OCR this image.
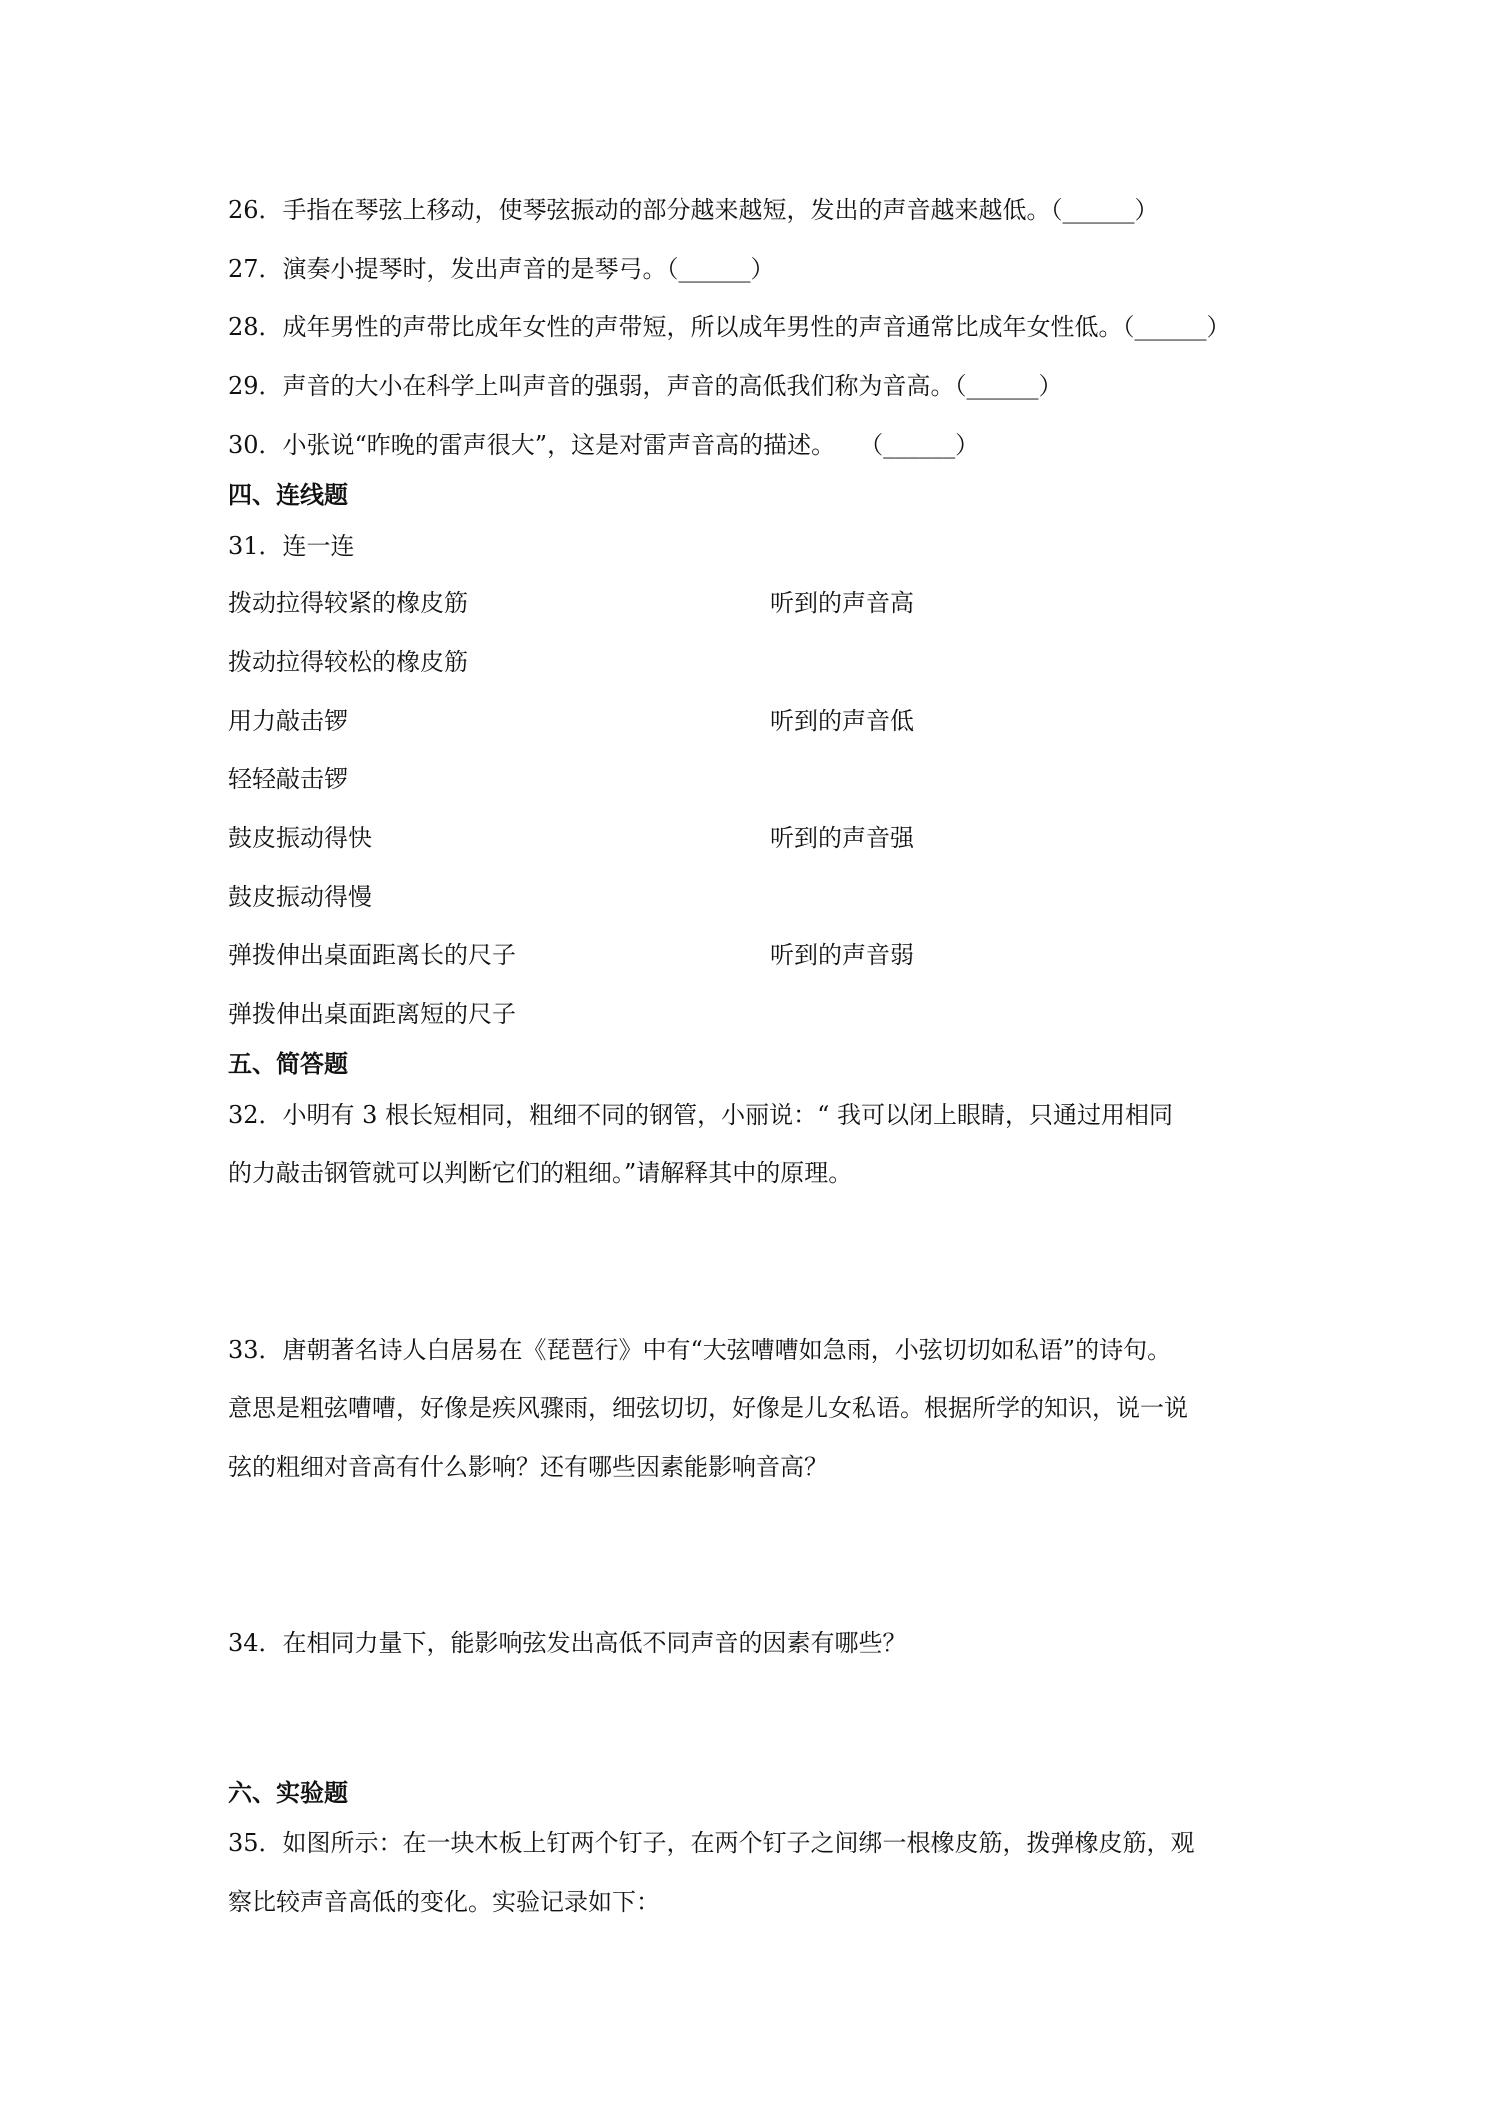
26．手指在琴弦上移动，使琴弦振动的部分越来越短，发出的声音越来越低。（______）
27．演奏小提琴时，发出声音的是琴弓。（______）
28．成年男性的声带比成年女性的声带短，所以成年男性的声音通常比成年女性低。（______）
29．声音的大小在科学上叫声音的强弱，声音的高低我们称为音高。（______）
30．小张说“昨晚的雷声很大”，这是对雷声音高的描述。　　（______）
四、连线题
31．连一连
拨动拉得较紧的橡皮筋	听到的声音高
拨动拉得较松的橡皮筋
用力敲击锣	听到的声音低
轻轻敲击锣
鼓皮振动得快	听到的声音强
鼓皮振动得慢
弹拨伸出桌面距离长的尺子	听到的声音弱
弹拨伸出桌面距离短的尺子
五、简答题
32．小明有 3 根长短相同，粗细不同的钢管，小丽说：“ 我可以闭上眼睛，只通过用相同
的力敲击钢管就可以判断它们的粗细。”请解释其中的原理。
33．唐朝著名诗人白居易在《琵琶行》中有“大弦嘈嘈如急雨，小弦切切如私语”的诗句。
意思是粗弦嘈嘈，好像是疾风骤雨，细弦切切，好像是儿女私语。根据所学的知识，说一说
弦的粗细对音高有什么影响？还有哪些因素能影响音高？
34．在相同力量下，能影响弦发出高低不同声音的因素有哪些？
六、实验题
35．如图所示：在一块木板上钉两个钉子，在两个钉子之间绑一根橡皮筋，拨弹橡皮筋，观
察比较声音高低的变化。实验记录如下：
